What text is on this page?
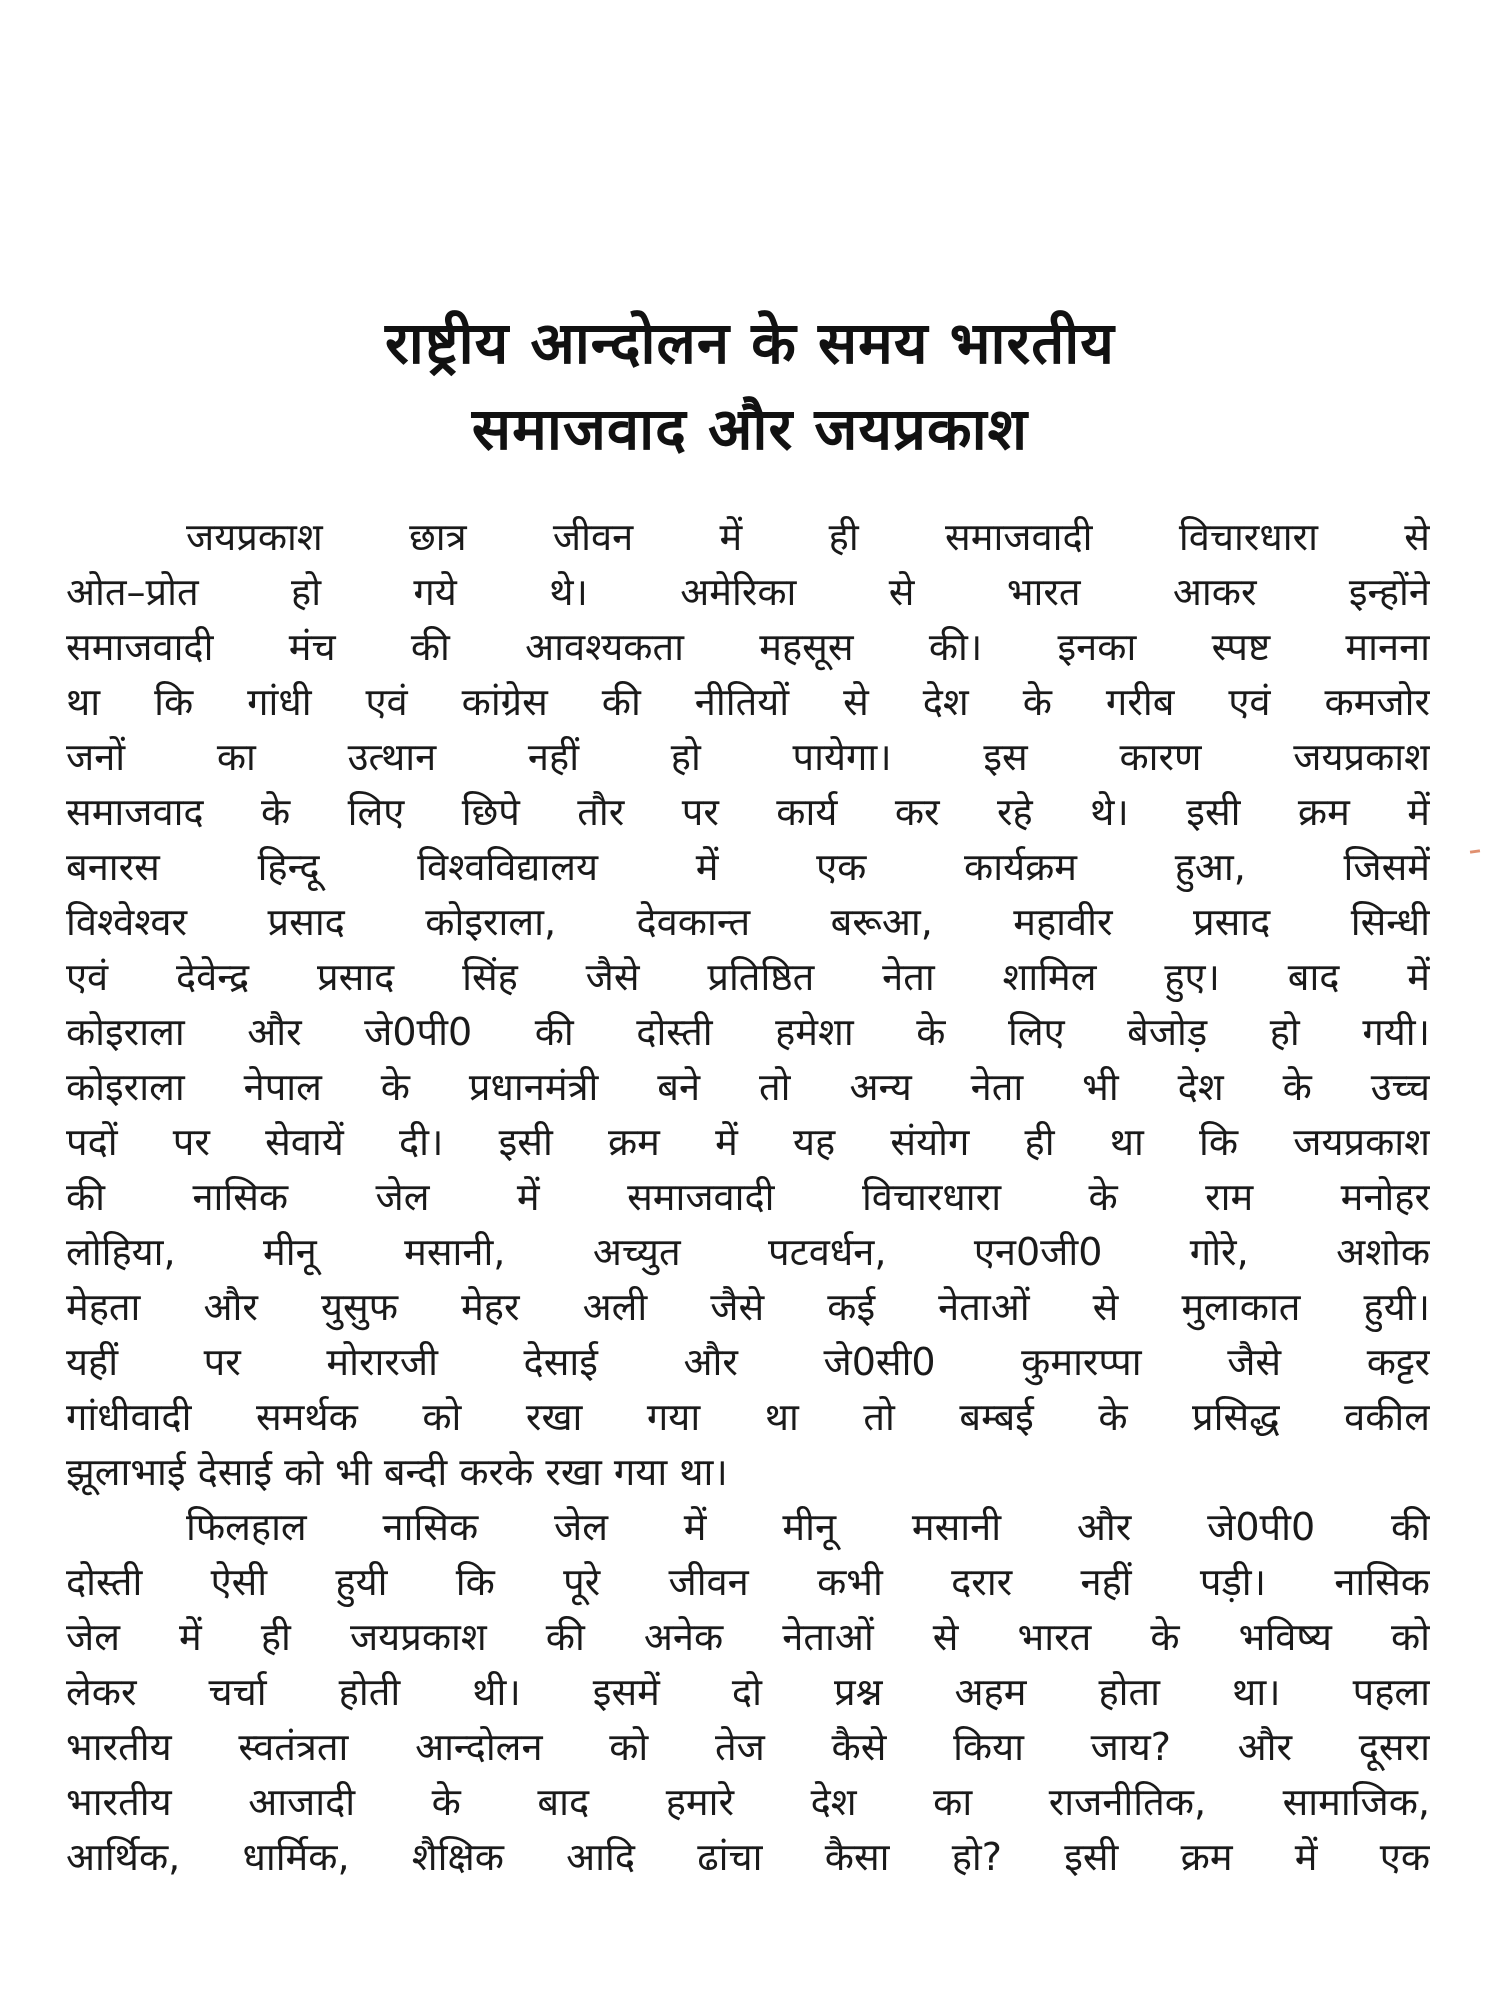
राष्ट्रीय आन्दोलन के समय भारतीय
समाजवाद और जयप्रकाश
जयप्रकाश छात्र जीवन में ही समाजवादी विचारधारा से
ओत–प्रोत हो गये थे। अमेरिका से भारत आकर इन्होंने
समाजवादी मंच की आवश्यकता महसूस की। इनका स्पष्ट मानना
था कि गांधी एवं कांग्रेस की नीतियों से देश के गरीब एवं कमजोर
जनों का उत्थान नहीं हो पायेगा। इस कारण जयप्रकाश
समाजवाद के लिए छिपे तौर पर कार्य कर रहे थे। इसी क्रम में
बनारस हिन्दू विश्वविद्यालय में एक कार्यक्रम हुआ, जिसमें
विश्वेश्वर प्रसाद कोइराला, देवकान्त बरूआ, महावीर प्रसाद सिन्धी
एवं देवेन्द्र प्रसाद सिंह जैसे प्रतिष्ठित नेता शामिल हुए। बाद में
कोइराला और जे0पी0 की दोस्ती हमेशा के लिए बेजोड़ हो गयी।
कोइराला नेपाल के प्रधानमंत्री बने तो अन्य नेता भी देश के उच्च
पदों पर सेवायें दी। इसी क्रम में यह संयोग ही था कि जयप्रकाश
की नासिक जेल में समाजवादी विचारधारा के राम मनोहर
लोहिया, मीनू मसानी, अच्युत पटवर्धन, एन0जी0 गोरे, अशोक
मेहता और युसुफ मेहर अली जैसे कई नेताओं से मुलाकात हुयी।
यहीं पर मोरारजी देसाई और जे0सी0 कुमारप्पा जैसे कट्टर
गांधीवादी समर्थक को रखा गया था तो बम्बई के प्रसिद्ध वकील
झूलाभाई देसाई को भी बन्दी करके रखा गया था।
फिलहाल नासिक जेल में मीनू मसानी और जे0पी0 की
दोस्ती ऐसी हुयी कि पूरे जीवन कभी दरार नहीं पड़ी। नासिक
जेल में ही जयप्रकाश की अनेक नेताओं से भारत के भविष्य को
लेकर चर्चा होती थी। इसमें दो प्रश्न अहम होता था। पहला
भारतीय स्वतंत्रता आन्दोलन को तेज कैसे किया जाय? और दूसरा
भारतीय आजादी के बाद हमारे देश का राजनीतिक, सामाजिक,
आर्थिक, धार्मिक, शैक्षिक आदि ढांचा कैसा हो? इसी क्रम में एक
